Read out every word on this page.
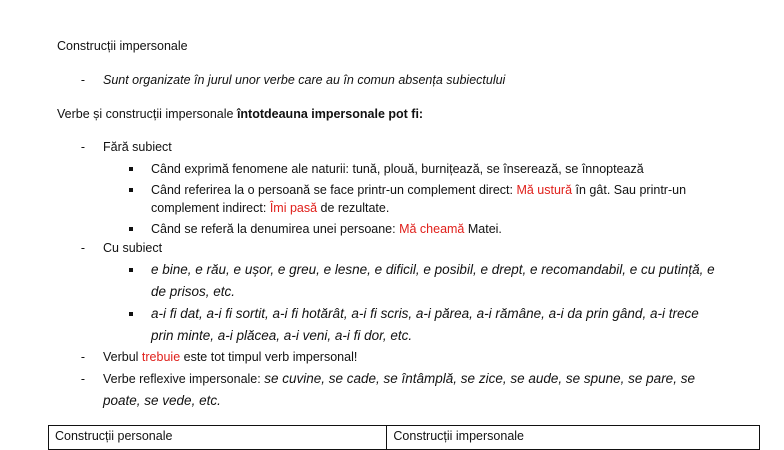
Construcții impersonale
- Sunt organizate în jurul unor verbe care au în comun absența subiectului
Verbe și construcții impersonale întotdeauna impersonale pot fi:
- Fără subiect
Când exprimă fenomene ale naturii: tună, plouă, burnițează, se înserează, se înnoptează
Când referirea la o persoană se face printr-un complement direct: Mă ustură în gât. Sau printr-un
complement indirect: Îmi pasă de rezultate.
Când se referă la denumirea unei persoane: Mă cheamă Matei.
- Cu subiect
e bine, e rău, e ușor, e greu, e lesne, e dificil, e posibil, e drept, e recomandabil, e cu putință, e
de prisos, etc.
a-i fi dat, a-i fi sortit, a-i fi hotărât, a-i fi scris, a-i părea, a-i rămâne, a-i da prin gând, a-i trece
prin minte, a-i plăcea, a-i veni, a-i fi dor, etc.
- Verbul trebuie este tot timpul verb impersonal!
- Verbe reflexive impersonale: se cuvine, se cade, se întâmplă, se zice, se aude, se spune, se pare, se
poate, se vede, etc.
Construcții personale	Construcții impersonale
